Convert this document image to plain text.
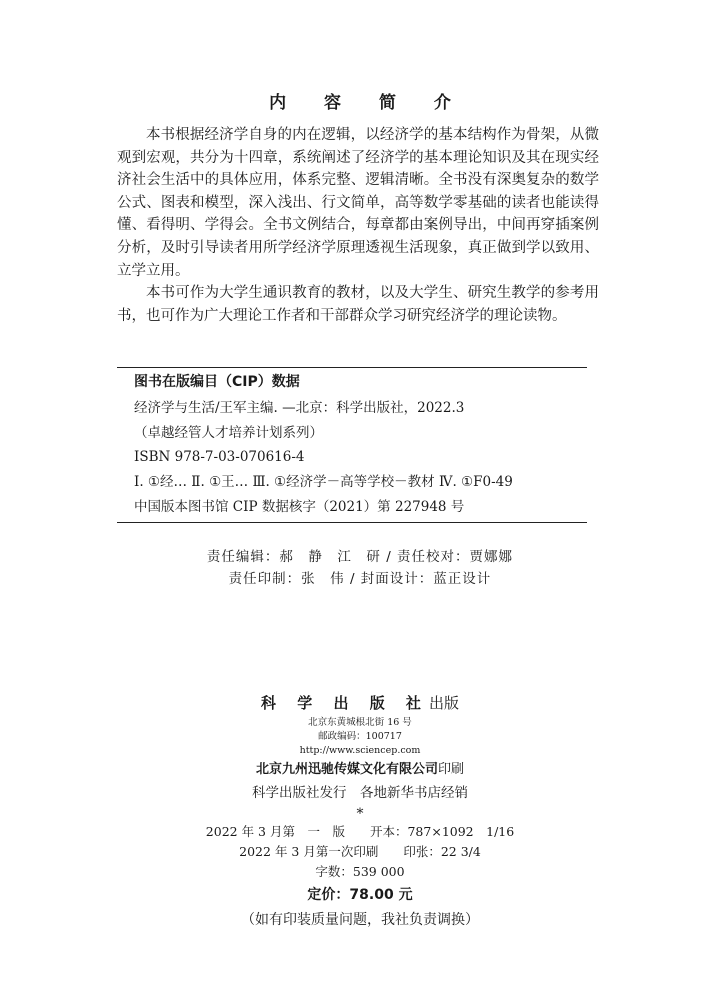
内 容 简 介

本书根据经济学自身的内在逻辑，以经济学的基本结构作为骨架，从微观到宏观，共分为十四章，系统阐述了经济学的基本理论知识及其在现实经济社会生活中的具体应用，体系完整、逻辑清晰。全书没有深奥复杂的数学公式、图表和模型，深入浅出、行文简单，高等数学零基础的读者也能读得懂、看得明、学得会。全书文例结合，每章都由案例导出，中间再穿插案例分析，及时引导读者用所学经济学原理透视生活现象，真正做到学以致用、立学立用。

本书可作为大学生通识教育的教材，以及大学生、研究生教学的参考用书，也可作为广大理论工作者和干部群众学习研究经济学的理论读物。

图书在版编目（CIP）数据
经济学与生活/王军主编. —北京：科学出版社，2022.3
（卓越经管人才培养计划系列）
ISBN 978-7-03-070616-4
Ⅰ. ①经… Ⅱ. ①王… Ⅲ. ①经济学－高等学校－教材 Ⅳ. ①F0-49
中国版本图书馆 CIP 数据核字（2021）第 227948 号
责任编辑：郝　静　江　研 / 责任校对：贾娜娜
责任印制：张　伟 / 封面设计：蓝正设计
科 学 出 版 社出版
北京东黄城根北街 16 号
邮政编码：100717
http://www.sciencep.com
北京九州迅驰传媒文化有限公司印刷
科学出版社发行　各地新华书店经销
*
2022 年 3 月第　一　版　　开本：787×1092　1/16
2022 年 3 月第一次印刷　　印张：22 3/4
字数：539 000
定价：78.00 元
（如有印装质量问题，我社负责调换）
